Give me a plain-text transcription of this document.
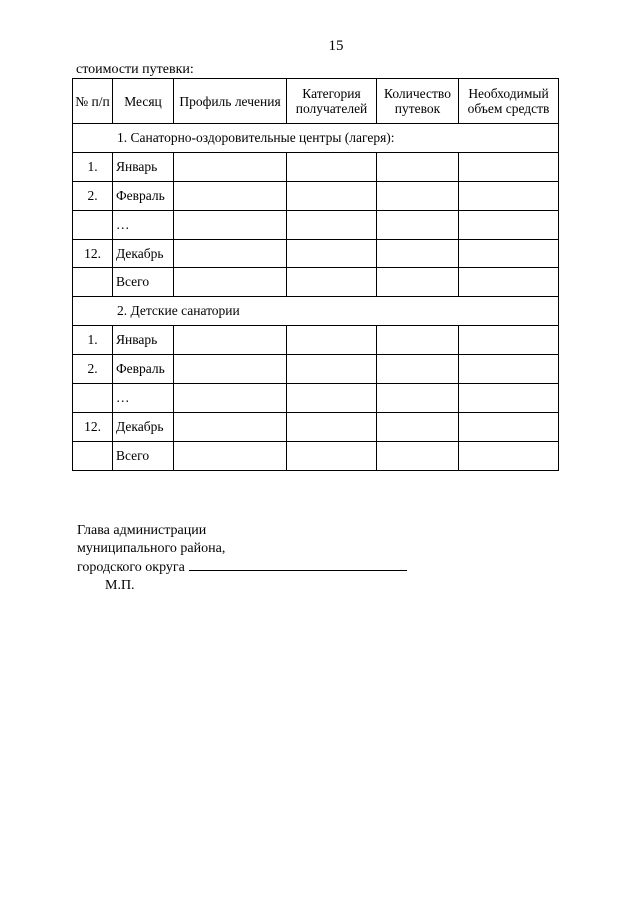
15
стоимости путевки:
№ п/п	Месяц	Профиль лечения	Категория получателей	Количество путевок	Необходимый объем средств
1. Санаторно-оздоровительные центры (лагеря):					
1.	Январь				
2.	Февраль				
	…				
12.	Декабрь				
	Всего				
2. Детские санатории					
1.	Январь				
2.	Февраль				
	…				
12.	Декабрь				
	Всего				
Глава администрации
муниципального района,
городского округа
М.П.
